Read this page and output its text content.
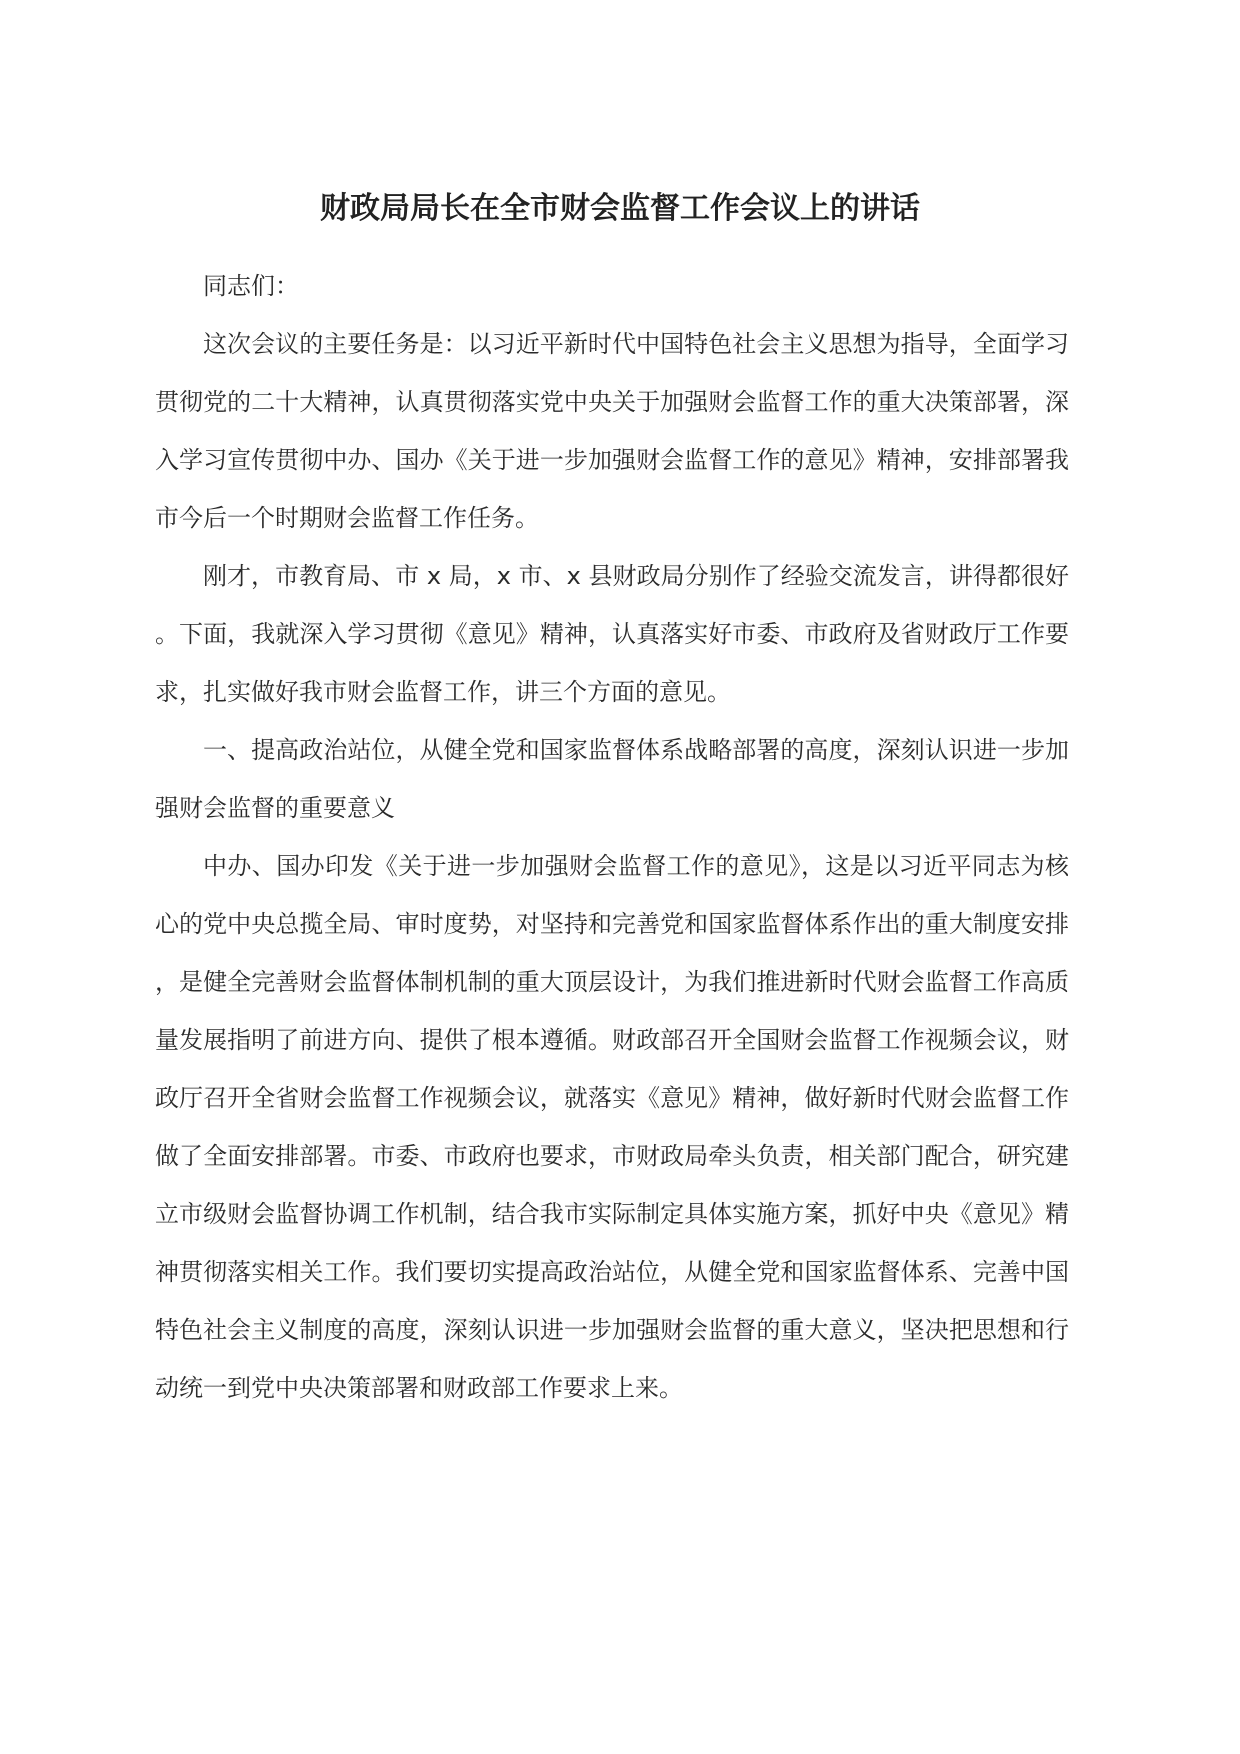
财政局局长在全市财会监督工作会议上的讲话

同志们：

这次会议的主要任务是：以习近平新时代中国特色社会主义思想为指导，全面学习贯彻党的二十大精神，认真贯彻落实党中央关于加强财会监督工作的重大决策部署，深入学习宣传贯彻中办、国办《关于进一步加强财会监督工作的意见》精神，安排部署我市今后一个时期财会监督工作任务。

刚才，市教育局、市 x 局，x 市、x 县财政局分别作了经验交流发言，讲得都很好。下面，我就深入学习贯彻《意见》精神，认真落实好市委、市政府及省财政厅工作要求，扎实做好我市财会监督工作，讲三个方面的意见。

一、提高政治站位，从健全党和国家监督体系战略部署的高度，深刻认识进一步加强财会监督的重要意义

中办、国办印发《关于进一步加强财会监督工作的意见》，这是以习近平同志为核心的党中央总揽全局、审时度势，对坚持和完善党和国家监督体系作出的重大制度安排，是健全完善财会监督体制机制的重大顶层设计，为我们推进新时代财会监督工作高质量发展指明了前进方向、提供了根本遵循。财政部召开全国财会监督工作视频会议，财政厅召开全省财会监督工作视频会议，就落实《意见》精神，做好新时代财会监督工作做了全面安排部署。市委、市政府也要求，市财政局牵头负责，相关部门配合，研究建立市级财会监督协调工作机制，结合我市实际制定具体实施方案，抓好中央《意见》精神贯彻落实相关工作。我们要切实提高政治站位，从健全党和国家监督体系、完善中国特色社会主义制度的高度，深刻认识进一步加强财会监督的重大意义，坚决把思想和行动统一到党中央决策部署和财政部工作要求上来。
